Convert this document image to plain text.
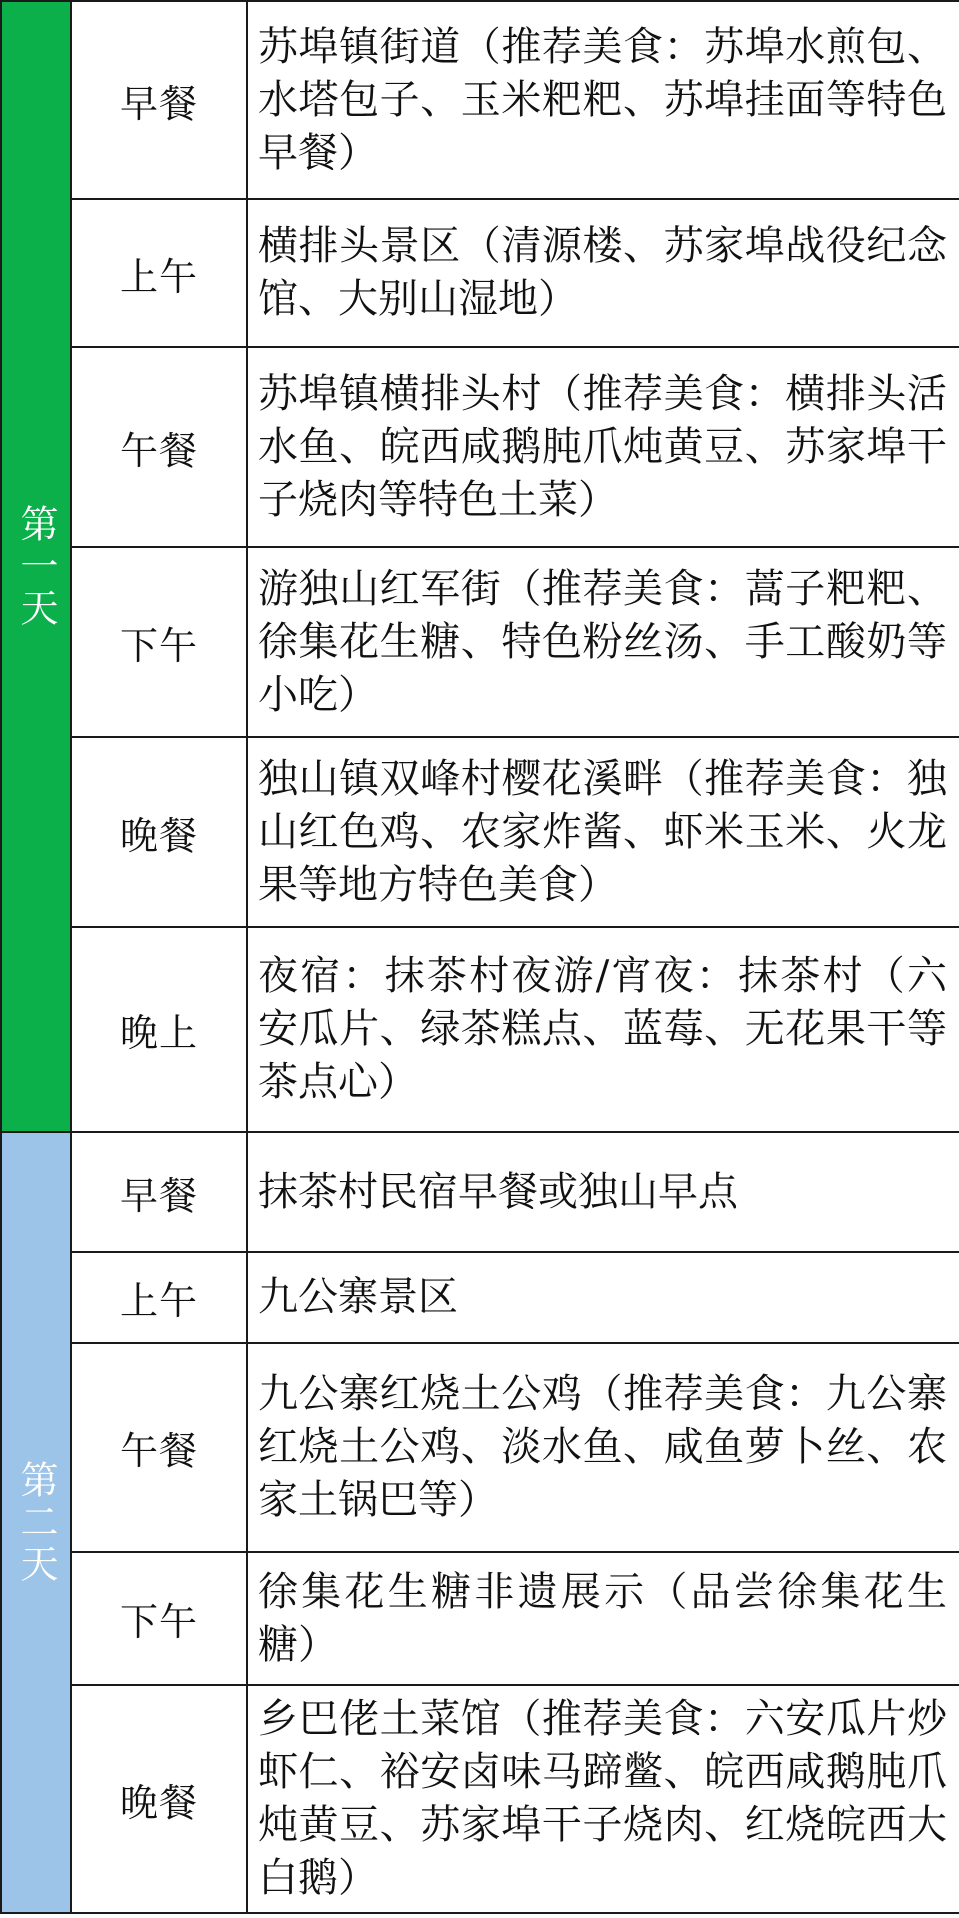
第一天	早餐	苏埠镇街道（推荐美食：苏埠水煎包、水塔包子、玉米粑粑、苏埠挂面等特色早餐）
	上午	横排头景区（清源楼、苏家埠战役纪念馆、大别山湿地）
	午餐	苏埠镇横排头村（推荐美食：横排头活水鱼、皖西咸鹅肫爪炖黄豆、苏家埠干子烧肉等特色土菜）
	下午	游独山红军街（推荐美食：蒿子粑粑、徐集花生糖、特色粉丝汤、手工酸奶等小吃）
	晚餐	独山镇双峰村樱花溪畔（推荐美食：独山红色鸡、农家炸酱、虾米玉米、火龙果等地方特色美食）
	晚上	夜宿：抹茶村夜游/宵夜：抹茶村（六安瓜片、绿茶糕点、蓝莓、无花果干等茶点心）
第二天	早餐	抹茶村民宿早餐或独山早点
	上午	九公寨景区
	午餐	九公寨红烧土公鸡（推荐美食：九公寨红烧土公鸡、淡水鱼、咸鱼萝卜丝、农家土锅巴等）
	下午	徐集花生糖非遗展示（品尝徐集花生糖）
	晚餐	乡巴佬土菜馆（推荐美食：六安瓜片炒虾仁、裕安卤味马蹄鳖、皖西咸鹅肫爪炖黄豆、苏家埠干子烧肉、红烧皖西大白鹅）
